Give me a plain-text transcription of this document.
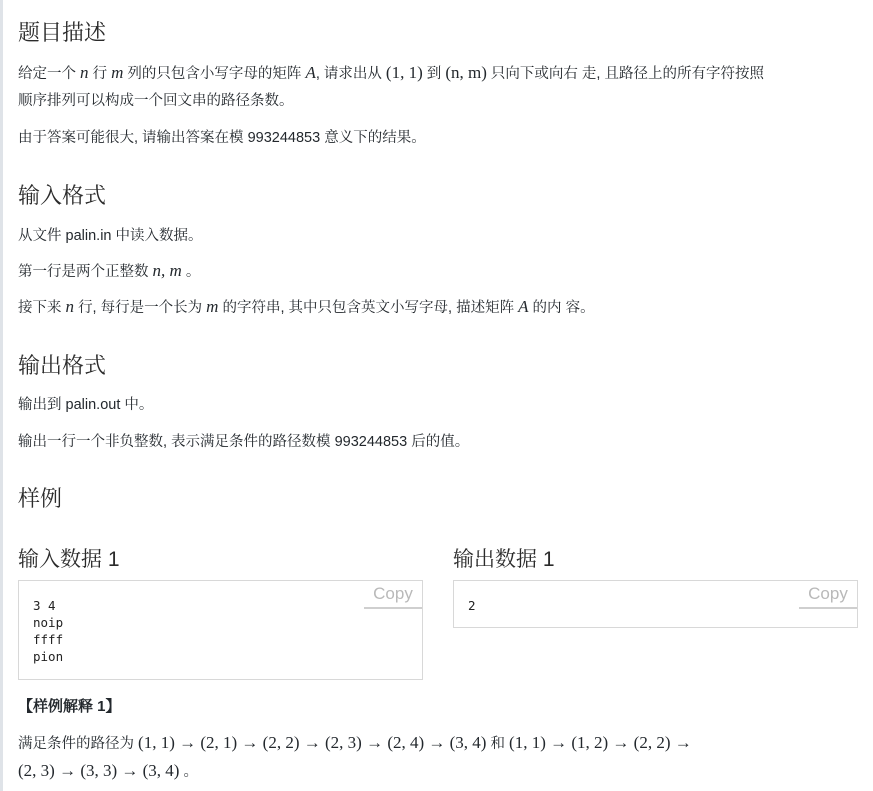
题目描述
给定一个 n 行 m 列的只包含小写字母的矩阵 A, 请求出从 (1, 1) 到 (n, m) 只向下或向右 走, 且路径上的所有字符按照
顺序排列可以构成一个回文串的路径条数。
由于答案可能很大, 请输出答案在模 993244853 意义下的结果。
输入格式
从文件 palin.in 中读入数据。
第一行是两个正整数 n, m 。
接下来 n 行, 每行是一个长为 m 的字符串, 其中只包含英文小写字母, 描述矩阵 A 的内 容。
输出格式
输出到 palin.out 中。
输出一行一个非负整数, 表示满足条件的路径数模 993244853 后的值。
样例
输入数据 1	输出数据 1
3 4
noip
ffff
pion
Copy
2
Copy
【样例解释 1】
满足条件的路径为 (1, 1) → (2, 1) → (2, 2) → (2, 3) → (2, 4) → (3, 4) 和 (1, 1) → (1, 2) → (2, 2) →
(2, 3) → (3, 3) → (3, 4) 。
